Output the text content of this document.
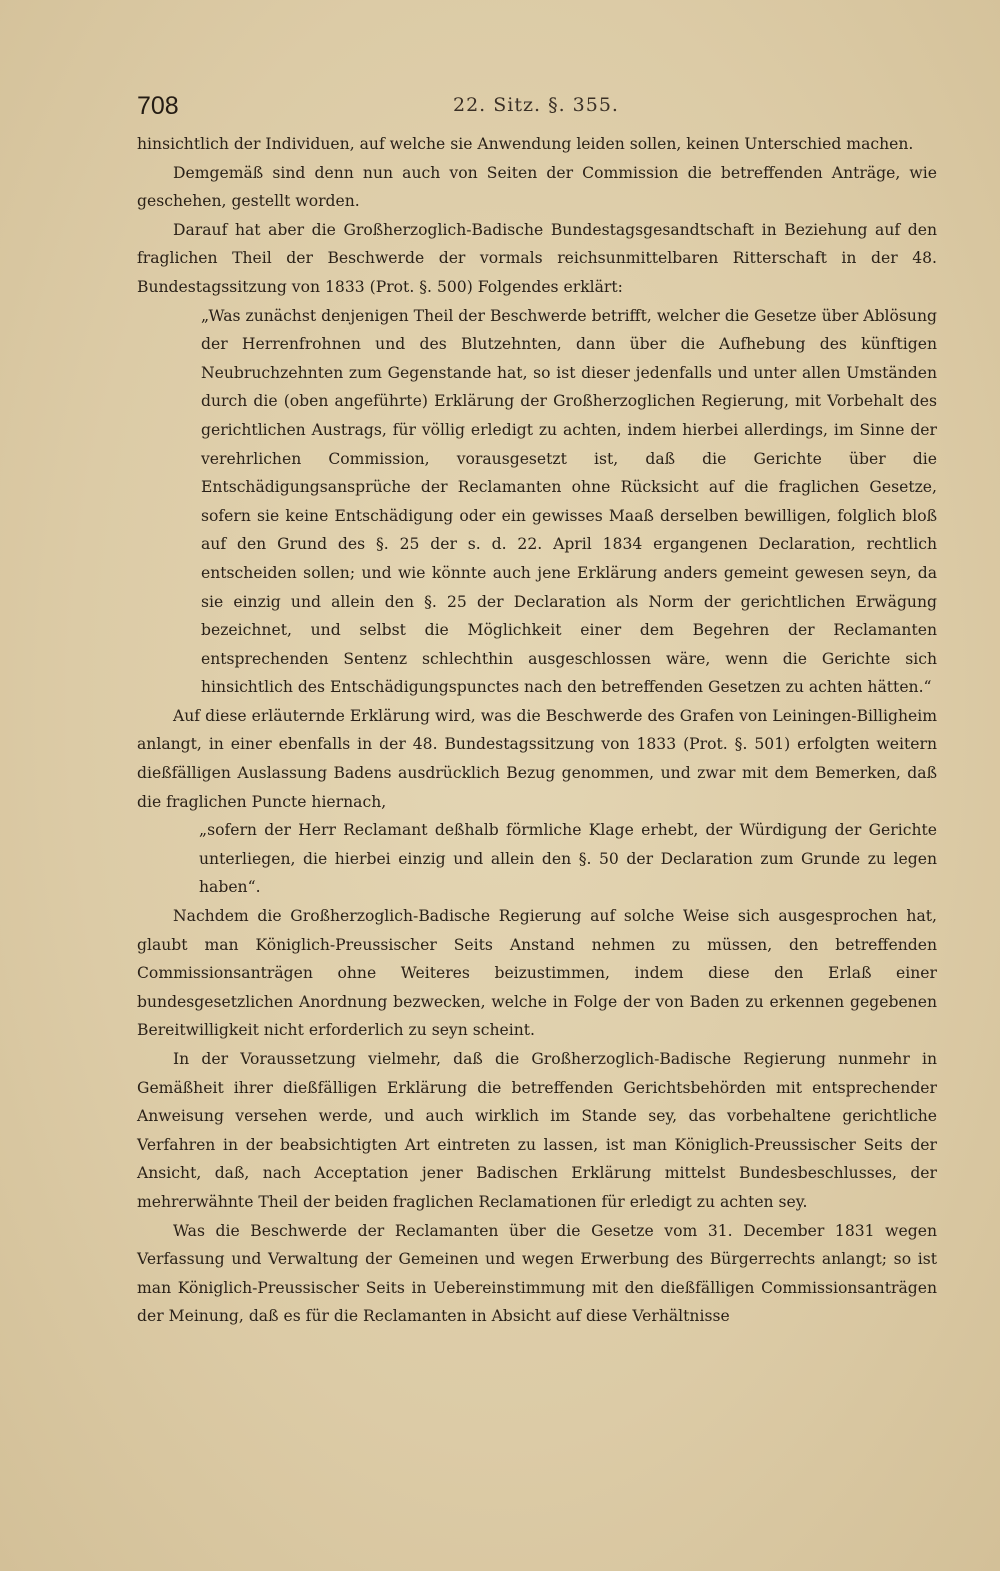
708	22. Sitz. §. 355.

hinsichtlich der Individuen, auf welche sie Anwendung leiden sollen, keinen Unterschied machen.

Demgemäß sind denn nun auch von Seiten der Commission die betreffenden Anträge, wie geschehen, gestellt worden.

Darauf hat aber die Großherzoglich-Badische Bundestagsgesandtschaft in Beziehung auf den fraglichen Theil der Beschwerde der vormals reichsunmittelbaren Ritterschaft in der 48. Bundestagssitzung von 1833 (Prot. §. 500) Folgendes erklärt:

„Was zunächst denjenigen Theil der Beschwerde betrifft, welcher die Gesetze über Ablösung der Herrenfrohnen und des Blutzehnten, dann über die Aufhebung des künftigen Neubruchzehnten zum Gegenstande hat, so ist dieser jedenfalls und unter allen Umständen durch die (oben angeführte) Erklärung der Großherzoglichen Regierung, mit Vorbehalt des gerichtlichen Austrags, für völlig erledigt zu achten, indem hierbei allerdings, im Sinne der verehrlichen Commission, vorausgesetzt ist, daß die Gerichte über die Entschädigungsansprüche der Reclamanten ohne Rücksicht auf die fraglichen Gesetze, sofern sie keine Entschädigung oder ein gewisses Maaß derselben bewilligen, folglich bloß auf den Grund des §. 25 der s. d. 22. April 1834 ergangenen Declaration, rechtlich entscheiden sollen; und wie könnte auch jene Erklärung anders gemeint gewesen seyn, da sie einzig und allein den §. 25 der Declaration als Norm der gerichtlichen Erwägung bezeichnet, und selbst die Möglichkeit einer dem Begehren der Reclamanten entsprechenden Sentenz schlechthin ausgeschlossen wäre, wenn die Gerichte sich hinsichtlich des Entschädigungspunctes nach den betreffenden Gesetzen zu achten hätten.“

Auf diese erläuternde Erklärung wird, was die Beschwerde des Grafen von Leiningen-Billigheim anlangt, in einer ebenfalls in der 48. Bundestagssitzung von 1833 (Prot. §. 501) erfolgten weitern dießfälligen Auslassung Badens ausdrücklich Bezug genommen, und zwar mit dem Bemerken, daß die fraglichen Puncte hiernach,

„sofern der Herr Reclamant deßhalb förmliche Klage erhebt, der Würdigung der Gerichte unterliegen, die hierbei einzig und allein den §. 50 der Declaration zum Grunde zu legen haben“.

Nachdem die Großherzoglich-Badische Regierung auf solche Weise sich ausgesprochen hat, glaubt man Königlich-Preussischer Seits Anstand nehmen zu müssen, den betreffenden Commissionsanträgen ohne Weiteres beizustimmen, indem diese den Erlaß einer bundesgesetzlichen Anordnung bezwecken, welche in Folge der von Baden zu erkennen gegebenen Bereitwilligkeit nicht erforderlich zu seyn scheint.

In der Voraussetzung vielmehr, daß die Großherzoglich-Badische Regierung nunmehr in Gemäßheit ihrer dießfälligen Erklärung die betreffenden Gerichtsbehörden mit entsprechender Anweisung versehen werde, und auch wirklich im Stande sey, das vorbehaltene gerichtliche Verfahren in der beabsichtigten Art eintreten zu lassen, ist man Königlich-Preussischer Seits der Ansicht, daß, nach Acceptation jener Badischen Erklärung mittelst Bundesbeschlusses, der mehrerwähnte Theil der beiden fraglichen Reclamationen für erledigt zu achten sey.

Was die Beschwerde der Reclamanten über die Gesetze vom 31. December 1831 wegen Verfassung und Verwaltung der Gemeinen und wegen Erwerbung des Bürgerrechts anlangt; so ist man Königlich-Preussischer Seits in Uebereinstimmung mit den dießfälligen Commissionsanträgen der Meinung, daß es für die Reclamanten in Absicht auf diese Verhältnisse
